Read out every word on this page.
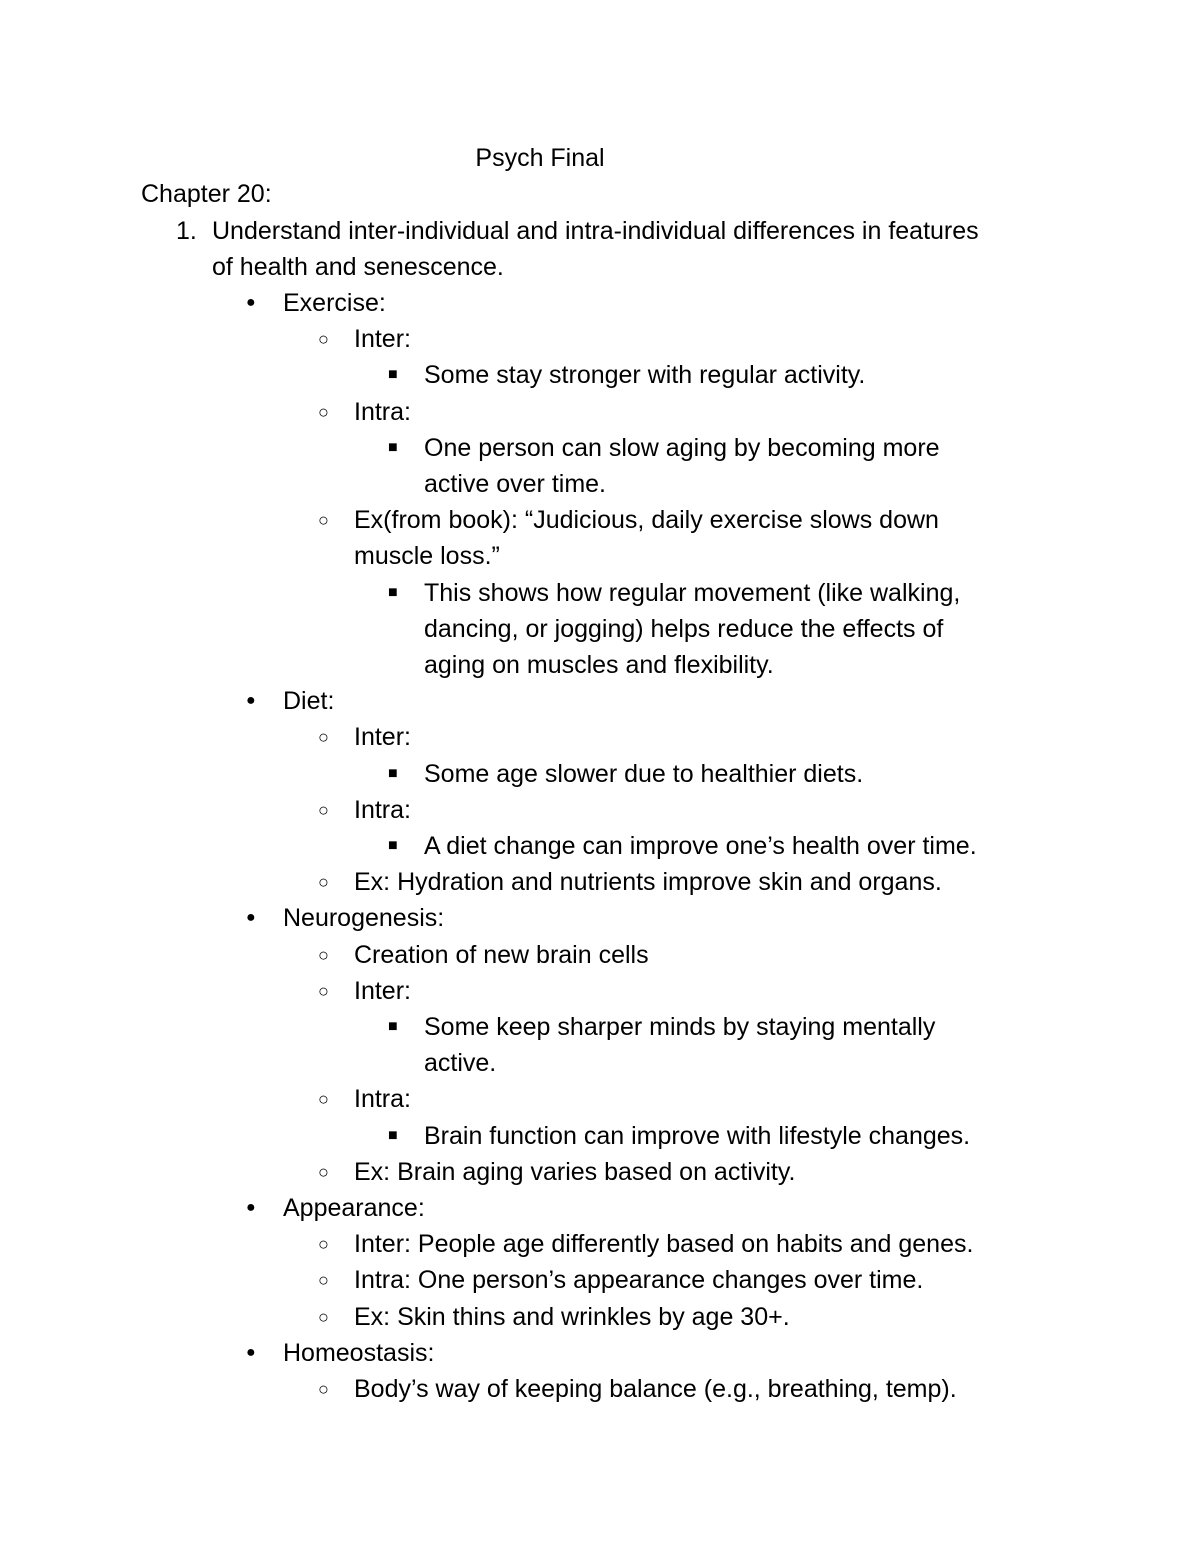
Psych Final
Chapter 20:
1. Understand inter-individual and intra-individual differences in features
of health and senescence.
● Exercise:
○ Inter:
■ Some stay stronger with regular activity.
○ Intra:
■ One person can slow aging by becoming more
active over time.
○ Ex(from book): “Judicious, daily exercise slows down
muscle loss.”
■ This shows how regular movement (like walking,
dancing, or jogging) helps reduce the effects of
aging on muscles and flexibility.
● Diet:
○ Inter:
■ Some age slower due to healthier diets.
○ Intra:
■ A diet change can improve one’s health over time.
○ Ex: Hydration and nutrients improve skin and organs.
● Neurogenesis:
○ Creation of new brain cells
○ Inter:
■ Some keep sharper minds by staying mentally
active.
○ Intra:
■ Brain function can improve with lifestyle changes.
○ Ex: Brain aging varies based on activity.
● Appearance:
○ Inter: People age differently based on habits and genes.
○ Intra: One person’s appearance changes over time.
○ Ex: Skin thins and wrinkles by age 30+.
● Homeostasis:
○ Body’s way of keeping balance (e.g., breathing, temp).
